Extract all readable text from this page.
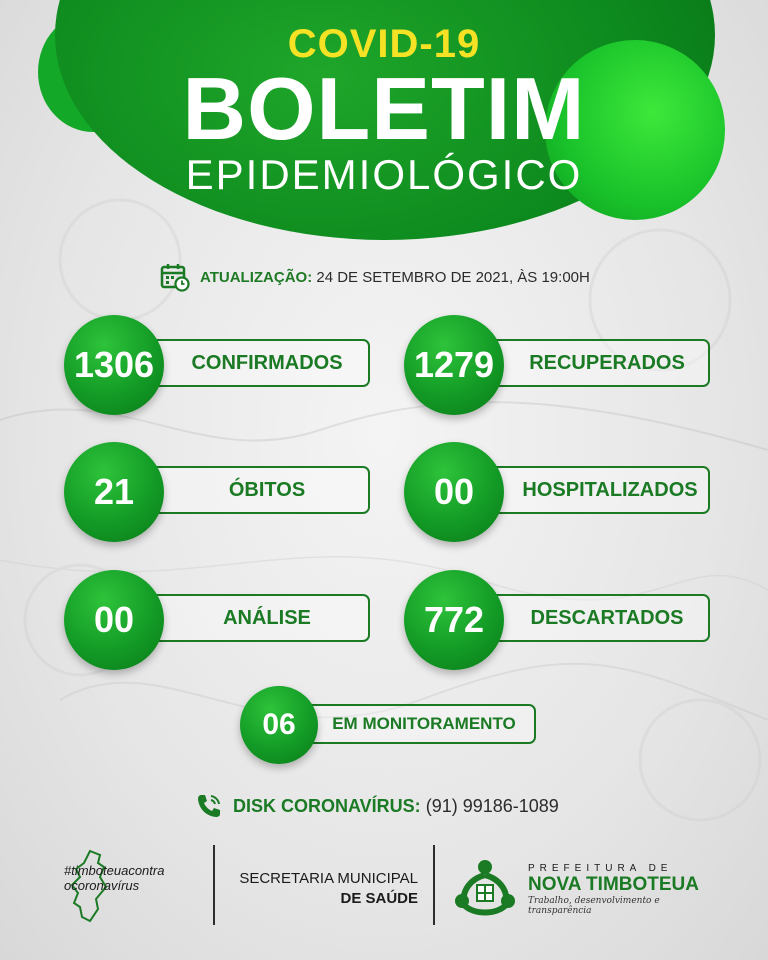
COVID-19
BOLETIM
EPIDEMIOLÓGICO
ATUALIZAÇÃO: 24 DE SETEMBRO DE 2021, ÀS 19:00H
CONFIRMADOS
1306	RECUPERADOS
1279
ÓBITOS
21	HOSPITALIZADOS
00
ANÁLISE
00	DESCARTADOS
772
EM MONITORAMENTO
06
DISK CORONAVÍRUS: (91) 99186-1089
#timboteuacontra
ocoronavírus	SECRETARIA MUNICIPAL
DE SAÚDE
PREFEITURA DE
NOVA TIMBOTEUA
Trabalho, desenvolvimento e transparência
